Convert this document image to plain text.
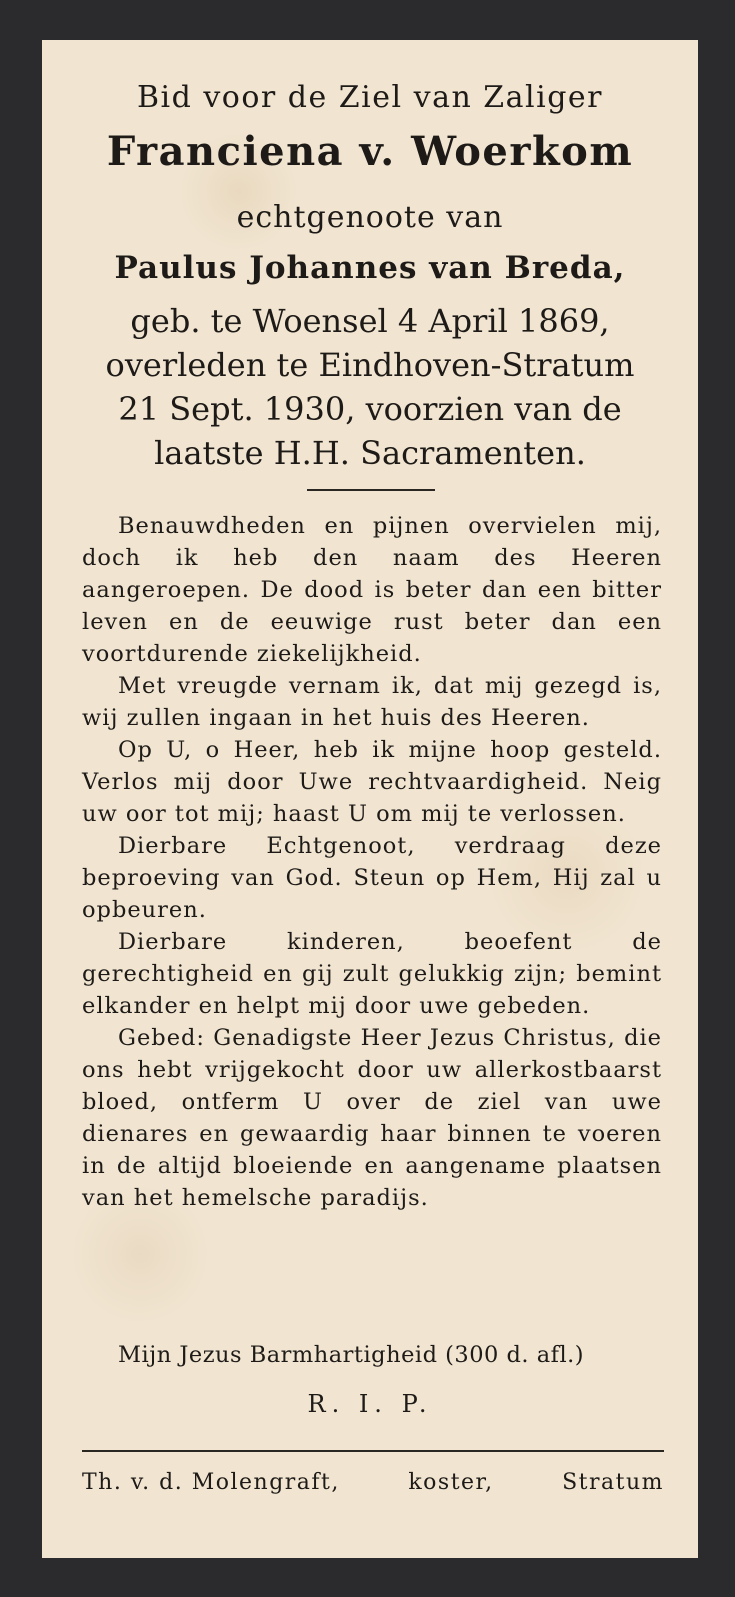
Bid voor de Ziel van Zaliger
Franciena v. Woerkom
echtgenoote van
Paulus Johannes van Breda,
geb. te Woensel 4 April 1869,
overleden te Eindhoven-Stratum
21 Sept. 1930, voorzien van de
laatste H.H. Sacramenten.

Benauwdheden en pijnen overvielen mij, doch ik heb den naam des Heeren aangeroepen. De dood is beter dan een bitter leven en de eeuwige rust beter dan een voortdurende ziekelijkheid.

Met vreugde vernam ik, dat mij gezegd is, wij zullen ingaan in het huis des Heeren.

Op U, o Heer, heb ik mijne hoop gesteld. Verlos mij door Uwe rechtvaardigheid. Neig uw oor tot mij; haast U om mij te verlossen.

Dierbare Echtgenoot, verdraag deze beproeving van God. Steun op Hem, Hij zal u opbeuren.

Dierbare kinderen, beoefent de gerechtigheid en gij zult gelukkig zijn; bemint elkander en helpt mij door uwe gebeden.

Gebed: Genadigste Heer Jezus Christus, die ons hebt vrijgekocht door uw allerkostbaarst bloed, ontferm U over de ziel van uwe dienares en gewaardig haar binnen te voeren in de altijd bloeiende en aangename plaatsen van het hemelsche paradijs.

Mijn Jezus Barmhartigheid (300 d. afl.)
R. I. P.
Th. v. d. Molengraft,	koster,	Stratum
